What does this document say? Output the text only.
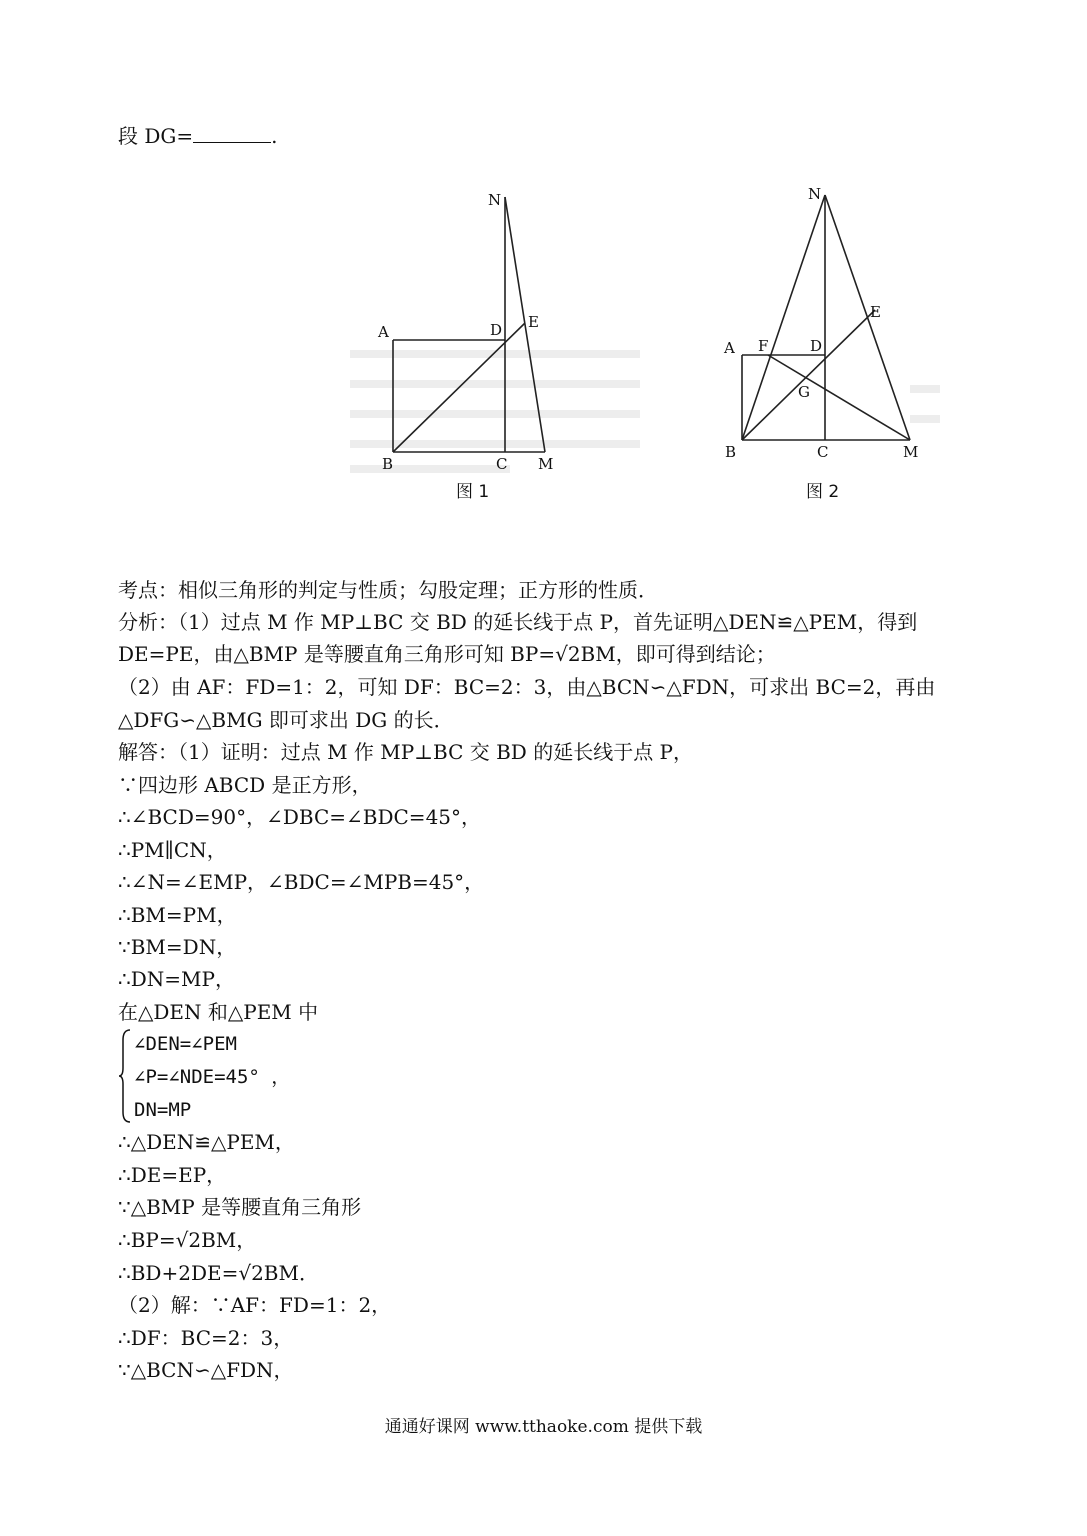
段 DG=	.
N
A	D E
B	C M
图 1
N
A F	D
E
G
B	C	M
图 2
考点：相似三角形的判定与性质；勾股定理；正方形的性质．
分析：（1）过点 M 作 MP⊥BC 交 BD 的延长线于点 P，首先证明△DEN≌△PEM，得到
DE=PE，由△BMP 是等腰直角三角形可知 BP=√2BM，即可得到结论；
（2）由 AF：FD=1：2，可知 DF：BC=2：3，由△BCN∽△FDN，可求出 BC=2，再由
△DFG∽△BMG 即可求出 DG 的长．
解答：（1）证明：过点 M 作 MP⊥BC 交 BD 的延长线于点 P，
∵四边形 ABCD 是正方形，
∴∠BCD=90°，∠DBC=∠BDC=45°，
∴PM∥CN，
∴∠N=∠EMP，∠BDC=∠MPB=45°，
∴BM=PM，
∵BM=DN，
∴DN=MP，
在△DEN 和△PEM 中
∠DEN=∠PEM
∠P=∠NDE=45° ，
DN=MP
∴△DEN≌△PEM，
∴DE=EP，
∵△BMP 是等腰直角三角形
∴BP=√2BM，
∴BD+2DE=√2BM．
（2）解：∵AF：FD=1：2，
∴DF：BC=2：3，
∵△BCN∽△FDN，
通通好课网 www.tthaoke.com 提供下载
